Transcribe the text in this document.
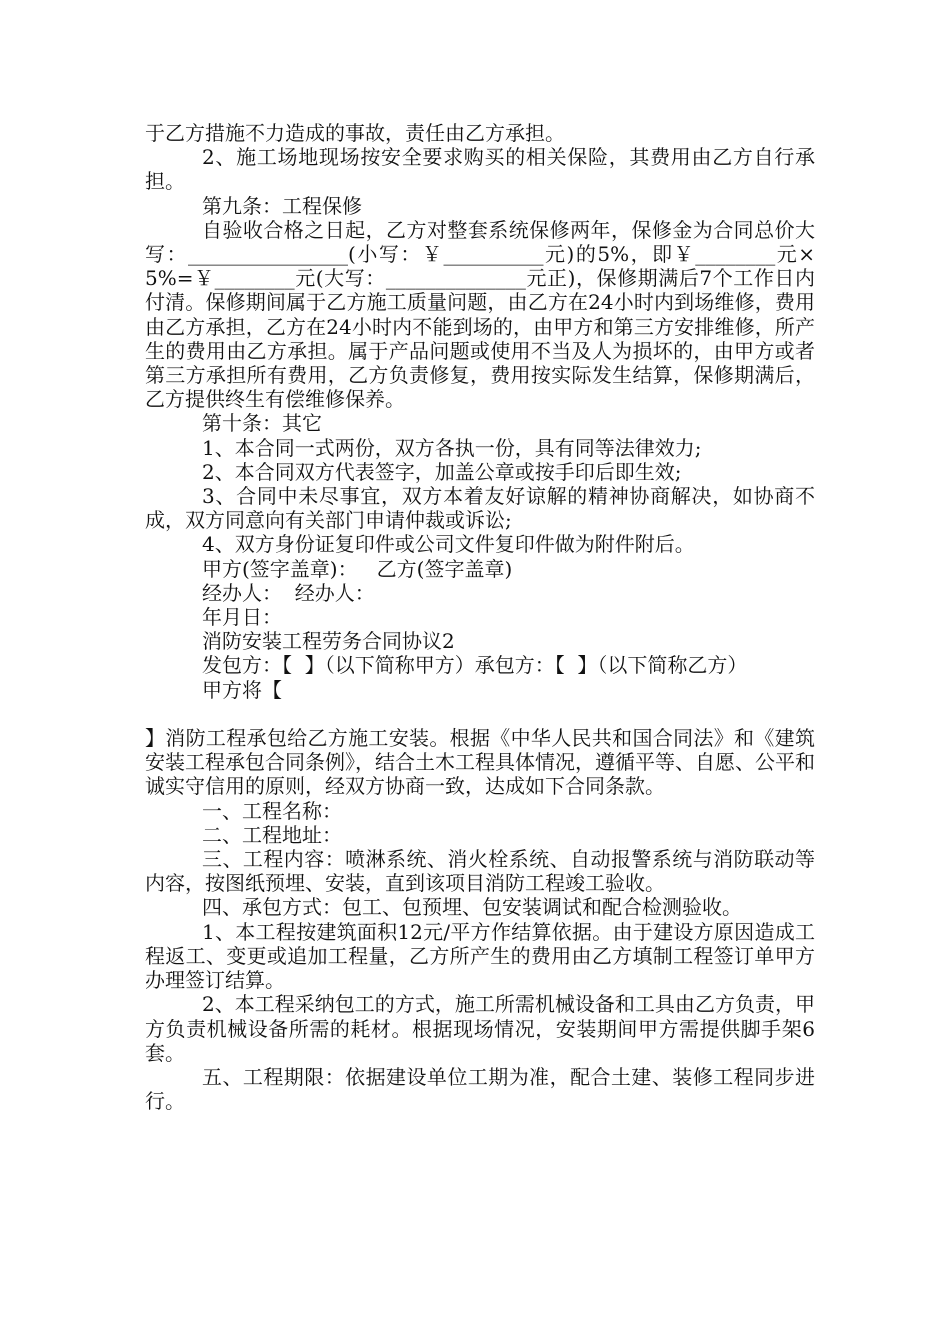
于乙方措施不力造成的事故，责任由乙方承担。

2、施工场地现场按安全要求购买的相关保险，其费用由乙方自行承担。

第九条：工程保修

自验收合格之日起，乙方对整套系统保修两年，保修金为合同总价大写：________________(小写：￥__________元)的5%，即￥________元×5%=￥________元(大写：______________元正)，保修期满后7个工作日内付清。保修期间属于乙方施工质量问题，由乙方在24小时内到场维修，费用由乙方承担，乙方在24小时内不能到场的，由甲方和第三方安排维修，所产生的费用由乙方承担。属于产品问题或使用不当及人为损坏的，由甲方或者第三方承担所有费用，乙方负责修复，费用按实际发生结算，保修期满后，乙方提供终生有偿维修保养。

第十条：其它

1、本合同一式两份，双方各执一份，具有同等法律效力;

2、本合同双方代表签字，加盖公章或按手印后即生效;

3、合同中未尽事宜，双方本着友好谅解的精神协商解决，如协商不成，双方同意向有关部门申请仲裁或诉讼;

4、双方身份证复印件或公司文件复印件做为附件附后。

甲方(签字盖章)：   乙方(签字盖章)

经办人：  经办人：

年月日：

消防安装工程劳务合同协议2

发包方：【  】（以下简称甲方）承包方：【  】（以下简称乙方）

甲方将【

】消防工程承包给乙方施工安装。根据《中华人民共和国合同法》和《建筑安装工程承包合同条例》，结合土木工程具体情况，遵循平等、自愿、公平和诚实守信用的原则，经双方协商一致，达成如下合同条款。

一、工程名称：

二、工程地址：

三、工程内容：喷淋系统、消火栓系统、自动报警系统与消防联动等内容，按图纸预埋、安装，直到该项目消防工程竣工验收。

四、承包方式：包工、包预埋、包安装调试和配合检测验收。

1、本工程按建筑面积12元/平方作结算依据。由于建设方原因造成工程返工、变更或追加工程量，乙方所产生的费用由乙方填制工程签订单甲方办理签订结算。

2、本工程采纳包工的方式，施工所需机械设备和工具由乙方负责，甲方负责机械设备所需的耗材。根据现场情况，安装期间甲方需提供脚手架6套。

五、工程期限：依据建设单位工期为准，配合土建、装修工程同步进行。
